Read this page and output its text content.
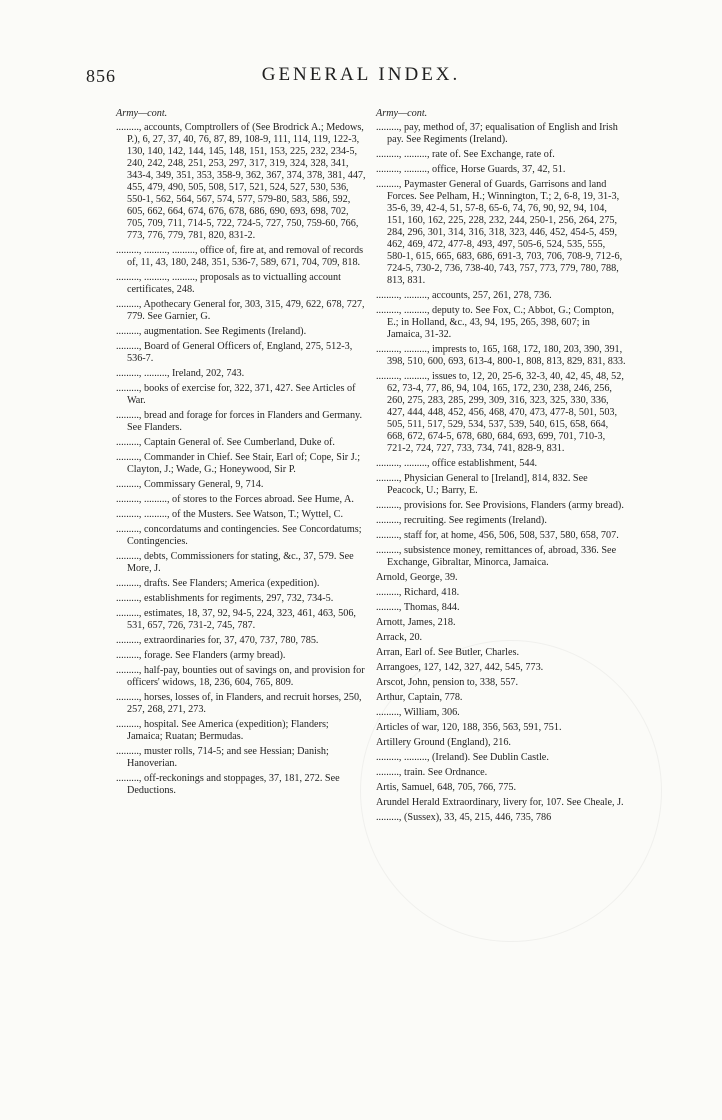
856	GENERAL INDEX.
Army—cont.
........., accounts, Comptrollers of (See Brodrick A.; Medows, P.), 6, 27, 37, 40, 76, 87, 89, 108-9, 111, 114, 119, 122-3, 130, 140, 142, 144, 145, 148, 151, 153, 225, 232, 234-5, 240, 242, 248, 251, 253, 297, 317, 319, 324, 328, 341, 343-4, 349, 351, 353, 358-9, 362, 367, 374, 378, 381, 447, 455, 479, 490, 505, 508, 517, 521, 524, 527, 530, 536, 550-1, 562, 564, 567, 574, 577, 579-80, 583, 586, 592, 605, 662, 664, 674, 676, 678, 686, 690, 693, 698, 702, 705, 709, 711, 714-5, 722, 724-5, 727, 750, 759-60, 766, 773, 776, 779, 781, 820, 831-2.
........., ........., ........., office of, fire at, and removal of records of, 11, 43, 180, 248, 351, 536-7, 589, 671, 704, 709, 818.
........., ........., ........., proposals as to victualling account certificates, 248.
........., Apothecary General for, 303, 315, 479, 622, 678, 727, 779. See Garnier, G.
........., augmentation. See Regiments (Ireland).
........., Board of General Officers of, England, 275, 512-3, 536-7.
........., ........., Ireland, 202, 743.
........., books of exercise for, 322, 371, 427. See Articles of War.
........., bread and forage for forces in Flanders and Germany. See Flanders.
........., Captain General of. See Cumberland, Duke of.
........., Commander in Chief. See Stair, Earl of; Cope, Sir J.; Clayton, J.; Wade, G.; Honeywood, Sir P.
........., Commissary General, 9, 714.
........., ........., of stores to the Forces abroad. See Hume, A.
........., ........., of the Musters. See Watson, T.; Wyttel, C.
........., concordatums and contingencies. See Concordatums; Contingencies.
........., debts, Commissioners for stating, &c., 37, 579. See More, J.
........., drafts. See Flanders; America (expedition).
........., establishments for regiments, 297, 732, 734-5.
........., estimates, 18, 37, 92, 94-5, 224, 323, 461, 463, 506, 531, 657, 726, 731-2, 745, 787.
........., extraordinaries for, 37, 470, 737, 780, 785.
........., forage. See Flanders (army bread).
........., half-pay, bounties out of savings on, and provision for officers' widows, 18, 236, 604, 765, 809.
........., horses, losses of, in Flanders, and recruit horses, 250, 257, 268, 271, 273.
........., hospital. See America (expedition); Flanders; Jamaica; Ruatan; Bermudas.
........., muster rolls, 714-5; and see Hessian; Danish; Hanoverian.
........., off-reckonings and stoppages, 37, 181, 272. See Deductions.
Army—cont.
........., pay, method of, 37; equalisation of English and Irish pay. See Regiments (Ireland).
........., ........., rate of. See Exchange, rate of.
........., ........., office, Horse Guards, 37, 42, 51.
........., Paymaster General of Guards, Garrisons and land Forces. See Pelham, H.; Winnington, T.; 2, 6-8, 19, 31-3, 35-6, 39, 42-4, 51, 57-8, 65-6, 74, 76, 90, 92, 94, 104, 151, 160, 162, 225, 228, 232, 244, 250-1, 256, 264, 275, 284, 296, 301, 314, 316, 318, 323, 446, 452, 454-5, 459, 462, 469, 472, 477-8, 493, 497, 505-6, 524, 535, 555, 580-1, 615, 665, 683, 686, 691-3, 703, 706, 708-9, 712-6, 724-5, 730-2, 736, 738-40, 743, 757, 773, 779, 780, 788, 813, 831.
........., ........., accounts, 257, 261, 278, 736.
........., ........., deputy to. See Fox, C.; Abbot, G.; Compton, E.; in Holland, &c., 43, 94, 195, 265, 398, 607; in Jamaica, 31-32.
........., ........., imprests to, 165, 168, 172, 180, 203, 390, 391, 398, 510, 600, 693, 613-4, 800-1, 808, 813, 829, 831, 833.
........., ........., issues to, 12, 20, 25-6, 32-3, 40, 42, 45, 48, 52, 62, 73-4, 77, 86, 94, 104, 165, 172, 230, 238, 246, 256, 260, 275, 283, 285, 299, 309, 316, 323, 325, 330, 336, 427, 444, 448, 452, 456, 468, 470, 473, 477-8, 501, 503, 505, 511, 517, 529, 534, 537, 539, 540, 615, 658, 664, 668, 672, 674-5, 678, 680, 684, 693, 699, 701, 710-3, 721-2, 724, 727, 733, 734, 741, 828-9, 831.
........., ........., office establishment, 544.
........., Physician General to [Ireland], 814, 832. See Peacock, U.; Barry, E.
........., provisions for. See Provisions, Flanders (army bread).
........., recruiting. See regiments (Ireland).
........., staff for, at home, 456, 506, 508, 537, 580, 658, 707.
........., subsistence money, remittances of, abroad, 336. See Exchange, Gibraltar, Minorca, Jamaica.
Arnold, George, 39.
........., Richard, 418.
........., Thomas, 844.
Arnott, James, 218.
Arrack, 20.
Arran, Earl of. See Butler, Charles.
Arrangoes, 127, 142, 327, 442, 545, 773.
Arscot, John, pension to, 338, 557.
Arthur, Captain, 778.
........., William, 306.
Articles of war, 120, 188, 356, 563, 591, 751.
Artillery Ground (England), 216.
........., ........., (Ireland). See Dublin Castle.
........., train. See Ordnance.
Artis, Samuel, 648, 705, 766, 775.
Arundel Herald Extraordinary, livery for, 107. See Cheale, J.
........., (Sussex), 33, 45, 215, 446, 735, 786
